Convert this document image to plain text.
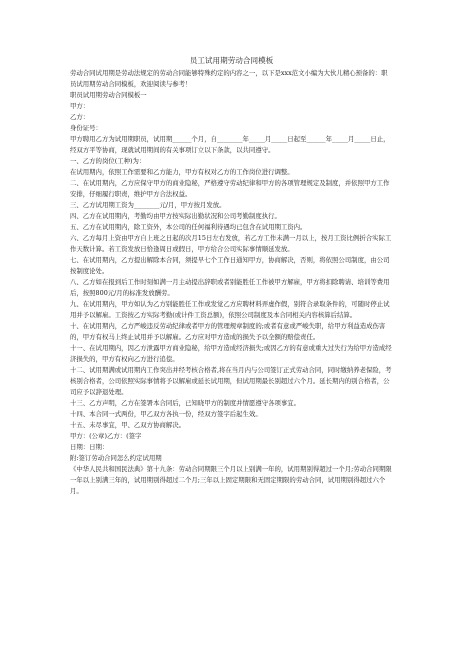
员工试用期劳动合同模板

劳动合同试用期是劳动法规定的劳动合同能够特殊约定的内容之一，以下是xxx范文小编为大伙儿精心预备的：职员试用期劳动合同模板，欢迎阅读与参考！

职员试用期劳动合同模板一

甲方：

乙方：

身份证号：

甲方聘用乙方为试用期职员，试用期______个月，自________年_____月_____日起至______年_____月_____日止，经双方平等协商，现就试用期间的有关事项订立以下条款，以共同遵守。

一、乙方的岗位(工种)为：

在试用期内，依照工作需要和乙方能力，甲方有权对乙方的工作岗位进行调整。

二、在试用期内，乙方应保守甲方的商业隐秘，严格遵守劳动纪律和甲方的各项管理规定及制度，并依照甲方工作安排，仔细履行职责，维护甲方合法权益。

三、乙方试用期工资为________元/月，甲方按月发放。

四、乙方在试用期内，考勤均由甲方按实际出勤状况和公司考勤制度执行。

五、乙方在试用期内，除工资外，本公司的任何福利待遇均已包含在试用期工资内。

六、乙方每月上资由甲方自上班之日起的次月15日左右发放，若乙方工作未满一月以上，按月工资比例折合实际工作天数计算。若工资发放日恰逢周日或假日，甲方给合公司实际事情顺延发放。

七、在试用期内，乙方提出解除本合同，须提早七个工作日通知甲方，协商解决，否则，将依照公司制度，由公司按制度论处。

八、乙方如在报到后工作时刻如满一月主动提出辞职或者别能胜任工作被甲方解雇，甲方将扣除聘请、培训等费用后，按照800元/月的标准发放酬劳。

九、在试用期内，甲方如认为乙方别能胜任工作或发觉乙方应聘材料弄虚作假，别符合录取条件的，可随时停止试用并予以解雇。工资按乙方实际考勤(或计件工资总额)，依照公司制度及本合同相关内容核算后结算。

十、在试用期内，乙方严峻违反劳动纪律或者甲方的管理规章制度的;或者有意或严峻失职，给甲方利益造成伤害的，甲方有权马上终止试用并予以解雇。乙方应对甲方造成的损失予以全额的赔偿责任。

十一、在试用期内，因乙方泄露甲方商业隐秘，给甲方造成经济损失;或因乙方的有意或重大过失行为给甲方造成经济损失的，甲方有权向乙方进行追偿。

十二、试用期满或试用期内工作突出并经考核合格者,将在当月内与公司签订正式劳动合同，同时缴纳养老保险，考核别合格者，公司依照实际事情将予以解雇或延长试用期，但试用期最长别超过六个月。延长期内的别合格者，公司应予以辞退处理。

十三、乙方声明，乙方在签署本合同后，已知晓甲方的制度并情愿遵守各项事宜。

十四、本合同一式两份，甲乙双方各执一份，经双方签字后起生效。

十五、未尽事宜，甲、乙双方协商解决。

甲方：(公章)乙方：(签字

日期：日期：

附:签订劳动合同怎么约定试用期

《中华人民共和国民法典》第十九条：劳动合同期限三个月以上别满一年的，试用期别得超过一个月;劳动合同期限一年以上别满三年的，试用期别得超过二个月;三年以上固定期限和无固定期限的劳动合同，试用期别得超过六个月。
